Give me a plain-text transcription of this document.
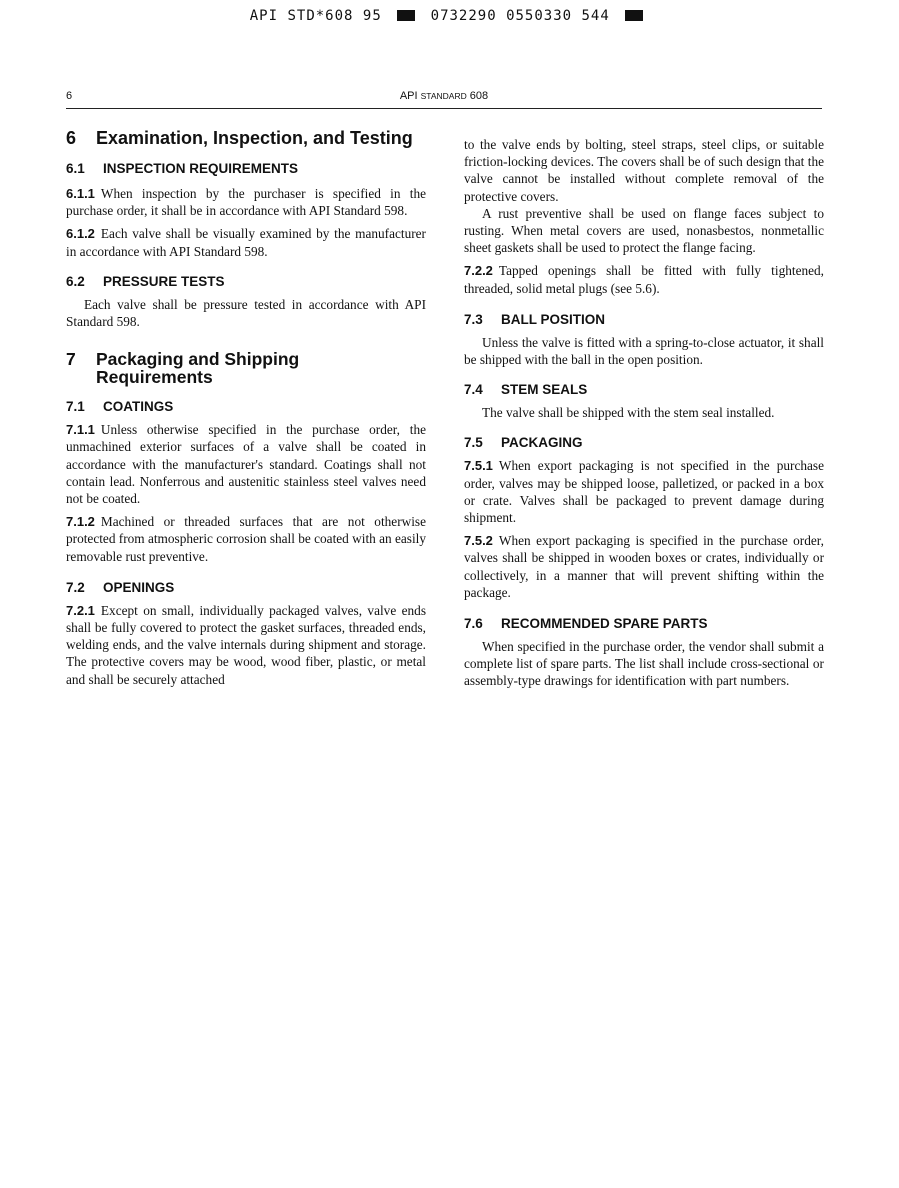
API STD*608 95	0732290 0550330 544
6	API STANDARD 608
6 Examination, Inspection, and Testing
6.1 INSPECTION REQUIREMENTS

6.1.1 When inspection by the purchaser is specified in the purchase order, it shall be in accordance with API Standard 598.

6.1.2 Each valve shall be visually examined by the manufacturer in accordance with API Standard 598.

6.2 PRESSURE TESTS

Each valve shall be pressure tested in accordance with API Standard 598.

7 Packaging and Shipping
Requirements
7.1 COATINGS

7.1.1 Unless otherwise specified in the purchase order, the unmachined exterior surfaces of a valve shall be coated in accordance with the manufacturer's standard. Coatings shall not contain lead. Nonferrous and austenitic stainless steel valves need not be coated.

7.1.2 Machined or threaded surfaces that are not otherwise protected from atmospheric corrosion shall be coated with an easily removable rust preventive.

7.2 OPENINGS

7.2.1 Except on small, individually packaged valves, valve ends shall be fully covered to protect the gasket surfaces, threaded ends, welding ends, and the valve internals during shipment and storage. The protective covers may be wood, wood fiber, plastic, or metal and shall be securely attached

to the valve ends by bolting, steel straps, steel clips, or suitable friction-locking devices. The covers shall be of such design that the valve cannot be installed without complete removal of the protective covers.

A rust preventive shall be used on flange faces subject to rusting. When metal covers are used, nonasbestos, nonmetallic sheet gaskets shall be used to protect the flange facing.

7.2.2 Tapped openings shall be fitted with fully tightened, threaded, solid metal plugs (see 5.6).

7.3 BALL POSITION

Unless the valve is fitted with a spring-to-close actuator, it shall be shipped with the ball in the open position.

7.4 STEM SEALS

The valve shall be shipped with the stem seal installed.

7.5 PACKAGING

7.5.1 When export packaging is not specified in the purchase order, valves may be shipped loose, palletized, or packed in a box or crate. Valves shall be packaged to prevent damage during shipment.

7.5.2 When export packaging is specified in the purchase order, valves shall be shipped in wooden boxes or crates, individually or collectively, in a manner that will prevent shifting within the package.

7.6 RECOMMENDED SPARE PARTS

When specified in the purchase order, the vendor shall submit a complete list of spare parts. The list shall include cross-sectional or assembly-type drawings for identification with part numbers.
